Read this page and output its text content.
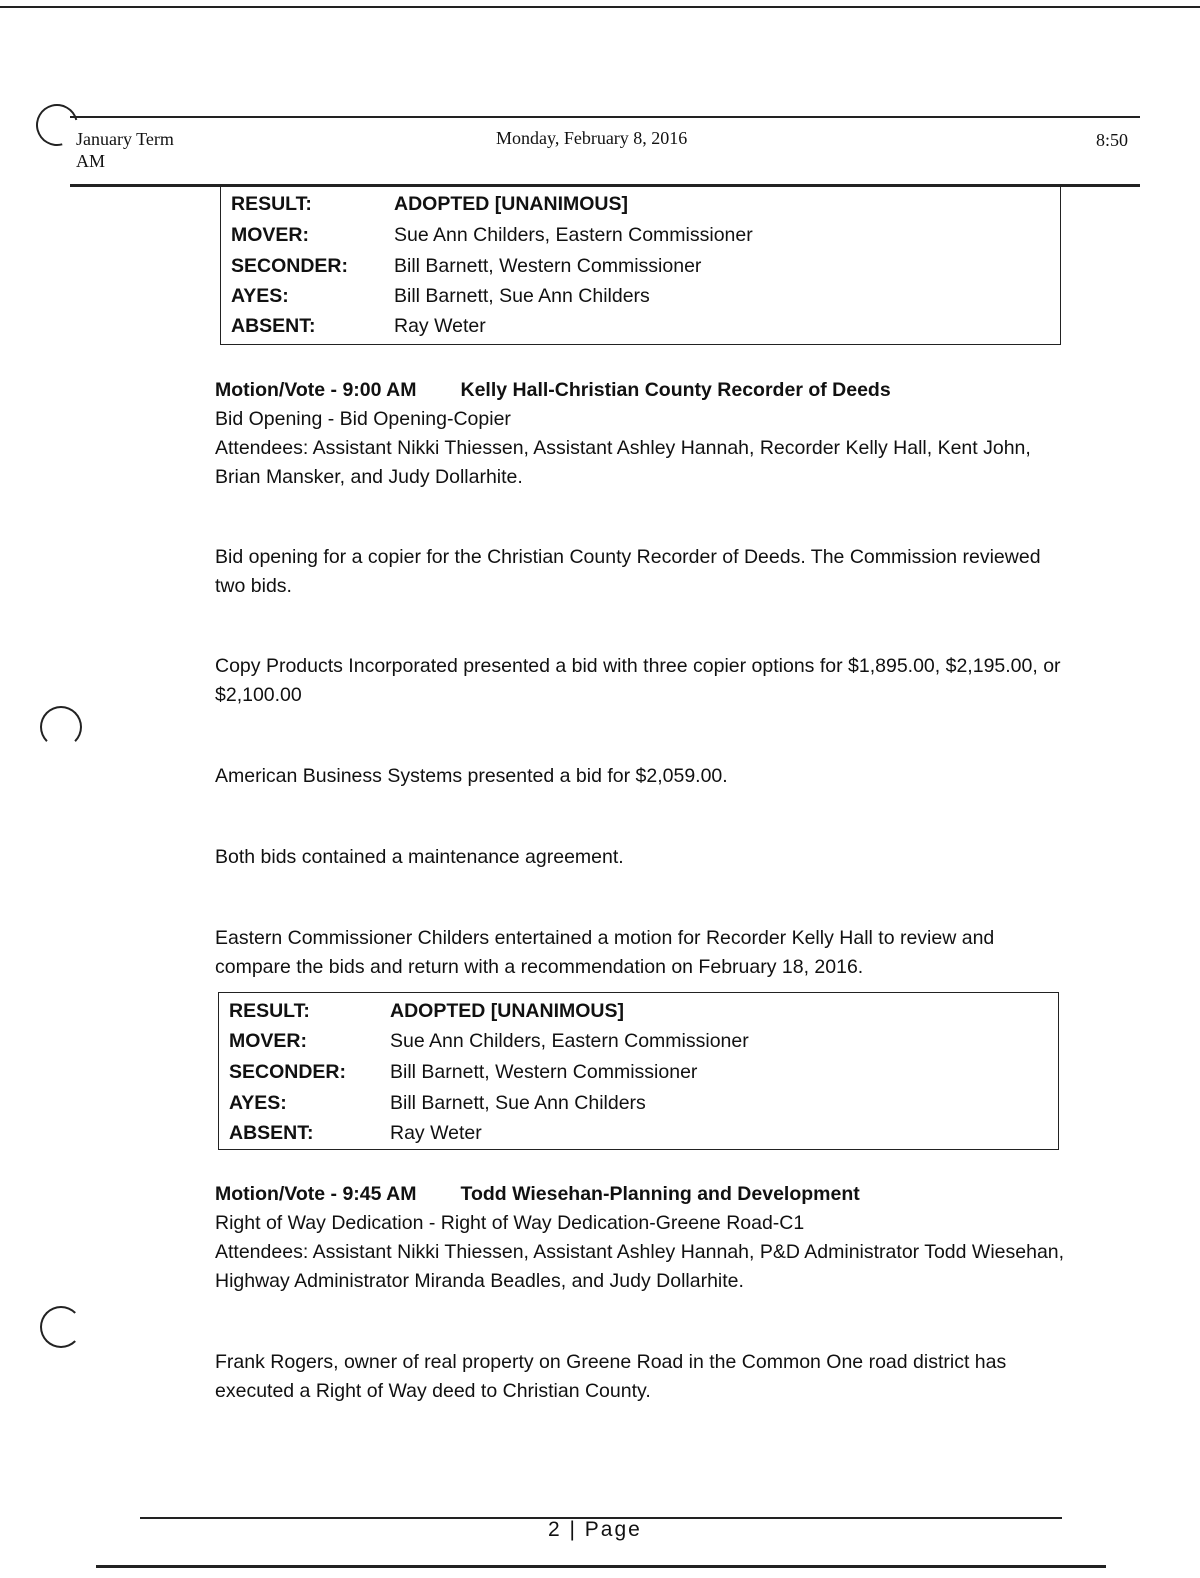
January Term
AM
Monday, February 8, 2016	8:50
RESULT:	ADOPTED [UNANIMOUS]
MOVER:	Sue Ann Childers, Eastern Commissioner
SECONDER: Bill Barnett, Western Commissioner
AYES:	Bill Barnett, Sue Ann Childers
ABSENT:	Ray Weter

Motion/Vote - 9:00 AM Kelly Hall-Christian County Recorder of Deeds

Bid Opening - Bid Opening-Copier

Attendees: Assistant Nikki Thiessen, Assistant Ashley Hannah, Recorder Kelly Hall, Kent John, Brian Mansker, and Judy Dollarhite.

Bid opening for a copier for the Christian County Recorder of Deeds. The Commission reviewed two bids.
Copy Products Incorporated presented a bid with three copier options for $1,895.00, $2,195.00, or $2,100.00
American Business Systems presented a bid for $2,059.00.
Both bids contained a maintenance agreement.
Eastern Commissioner Childers entertained a motion for Recorder Kelly Hall to review and compare the bids and return with a recommendation on February 18, 2016.
RESULT:	ADOPTED [UNANIMOUS]
MOVER:	Sue Ann Childers, Eastern Commissioner
SECONDER: Bill Barnett, Western Commissioner
AYES:	Bill Barnett, Sue Ann Childers
ABSENT:	Ray Weter

Motion/Vote - 9:45 AM Todd Wiesehan-Planning and Development

Right of Way Dedication - Right of Way Dedication-Greene Road-C1

Attendees: Assistant Nikki Thiessen, Assistant Ashley Hannah, P&D Administrator Todd Wiesehan, Highway Administrator Miranda Beadles, and Judy Dollarhite.

Frank Rogers, owner of real property on Greene Road in the Common One road district has executed a Right of Way deed to Christian County.
2 | Page
